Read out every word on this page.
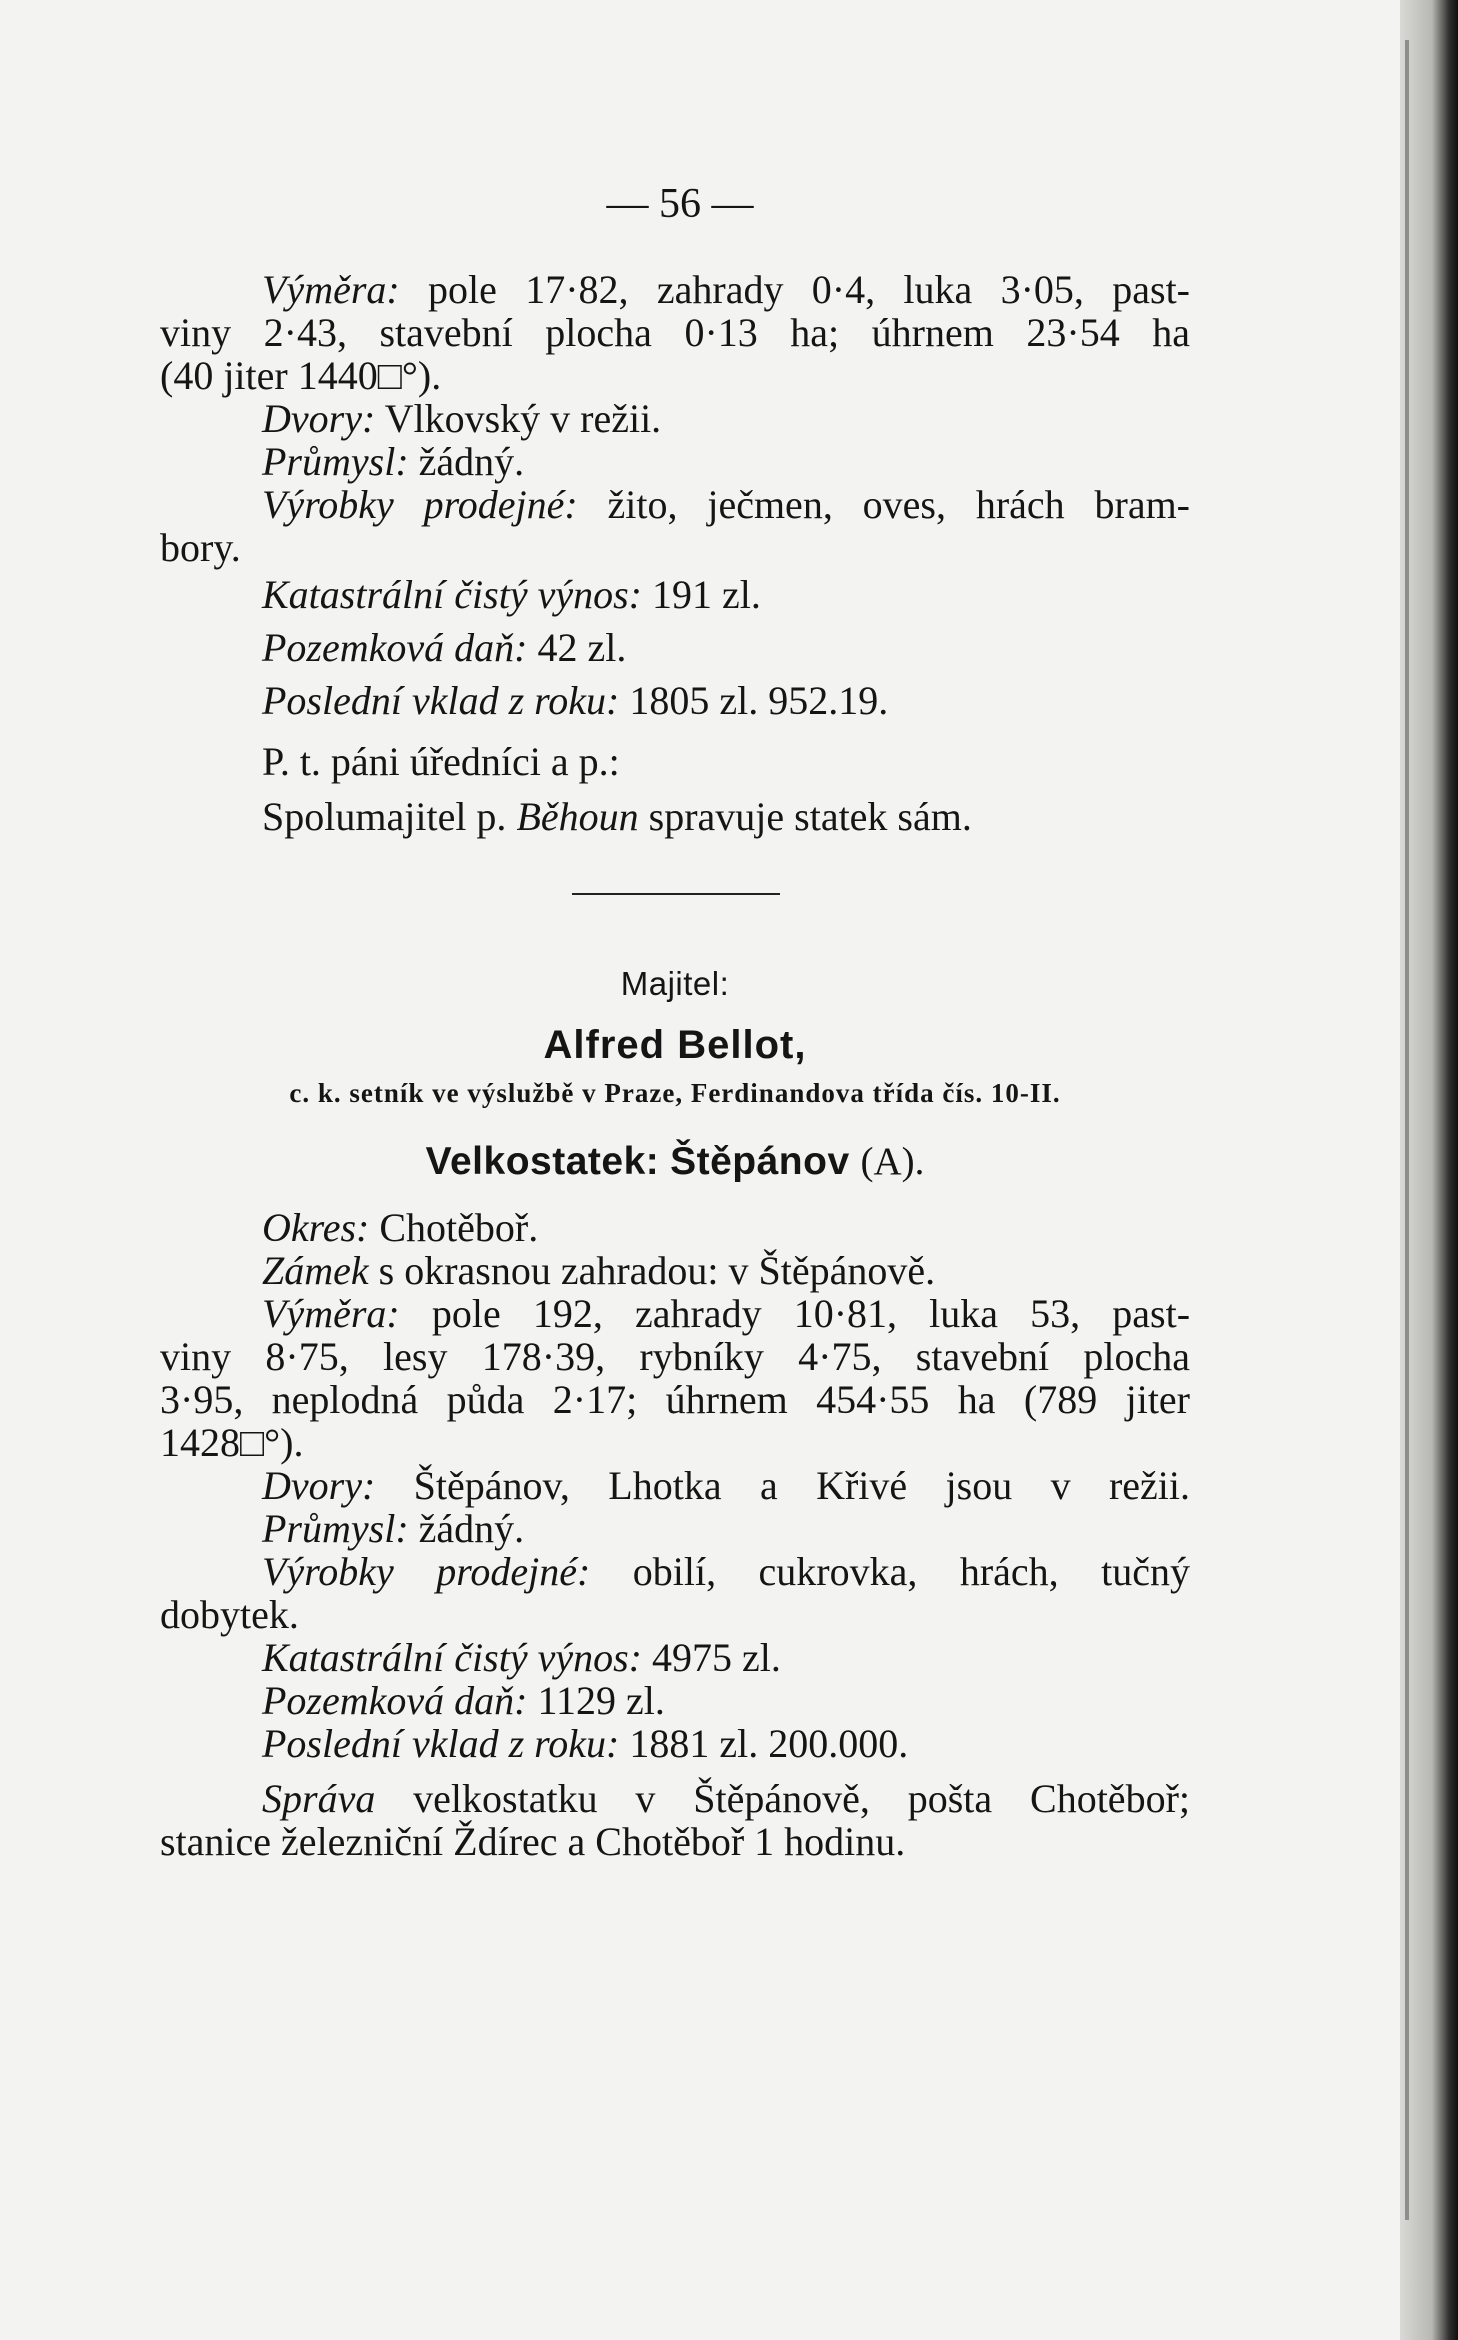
— 56 —
Výměra: pole 17·82, zahrady 0·4, luka 3·05, past-
viny 2·43, stavební plocha 0·13 ha; úhrnem 23·54 ha
(40 jiter 1440□°).
Dvory: Vlkovský v režii.
Průmysl: žádný.
Výrobky prodejné: žito, ječmen, oves, hrách bram-
bory.
Katastrální čistý výnos: 191 zl.
Pozemková daň: 42 zl.
Poslední vklad z roku: 1805 zl. 952.19.
P. t. páni úředníci a p.:
Spolumajitel p. Běhoun spravuje statek sám.
Majitel:
Alfred Bellot,
c. k. setník ve výslužbě v Praze, Ferdinandova třída čís. 10-II.
Velkostatek: Štěpánov (A).
Okres: Chotěboř.
Zámek s okrasnou zahradou: v Štěpánově.
Výměra: pole 192, zahrady 10·81, luka 53, past-
viny 8·75, lesy 178·39, rybníky 4·75, stavební plocha
3·95, neplodná půda 2·17; úhrnem 454·55 ha (789 jiter
1428□°).
Dvory: Štěpánov, Lhotka a Křivé jsou v režii.
Průmysl: žádný.
Výrobky prodejné: obilí, cukrovka, hrách, tučný
dobytek.
Katastrální čistý výnos: 4975 zl.
Pozemková daň: 1129 zl.
Poslední vklad z roku: 1881 zl. 200.000.
Správa velkostatku v Štěpánově, pošta Chotěboř;
stanice železniční Ždírec a Chotěboř 1 hodinu.
